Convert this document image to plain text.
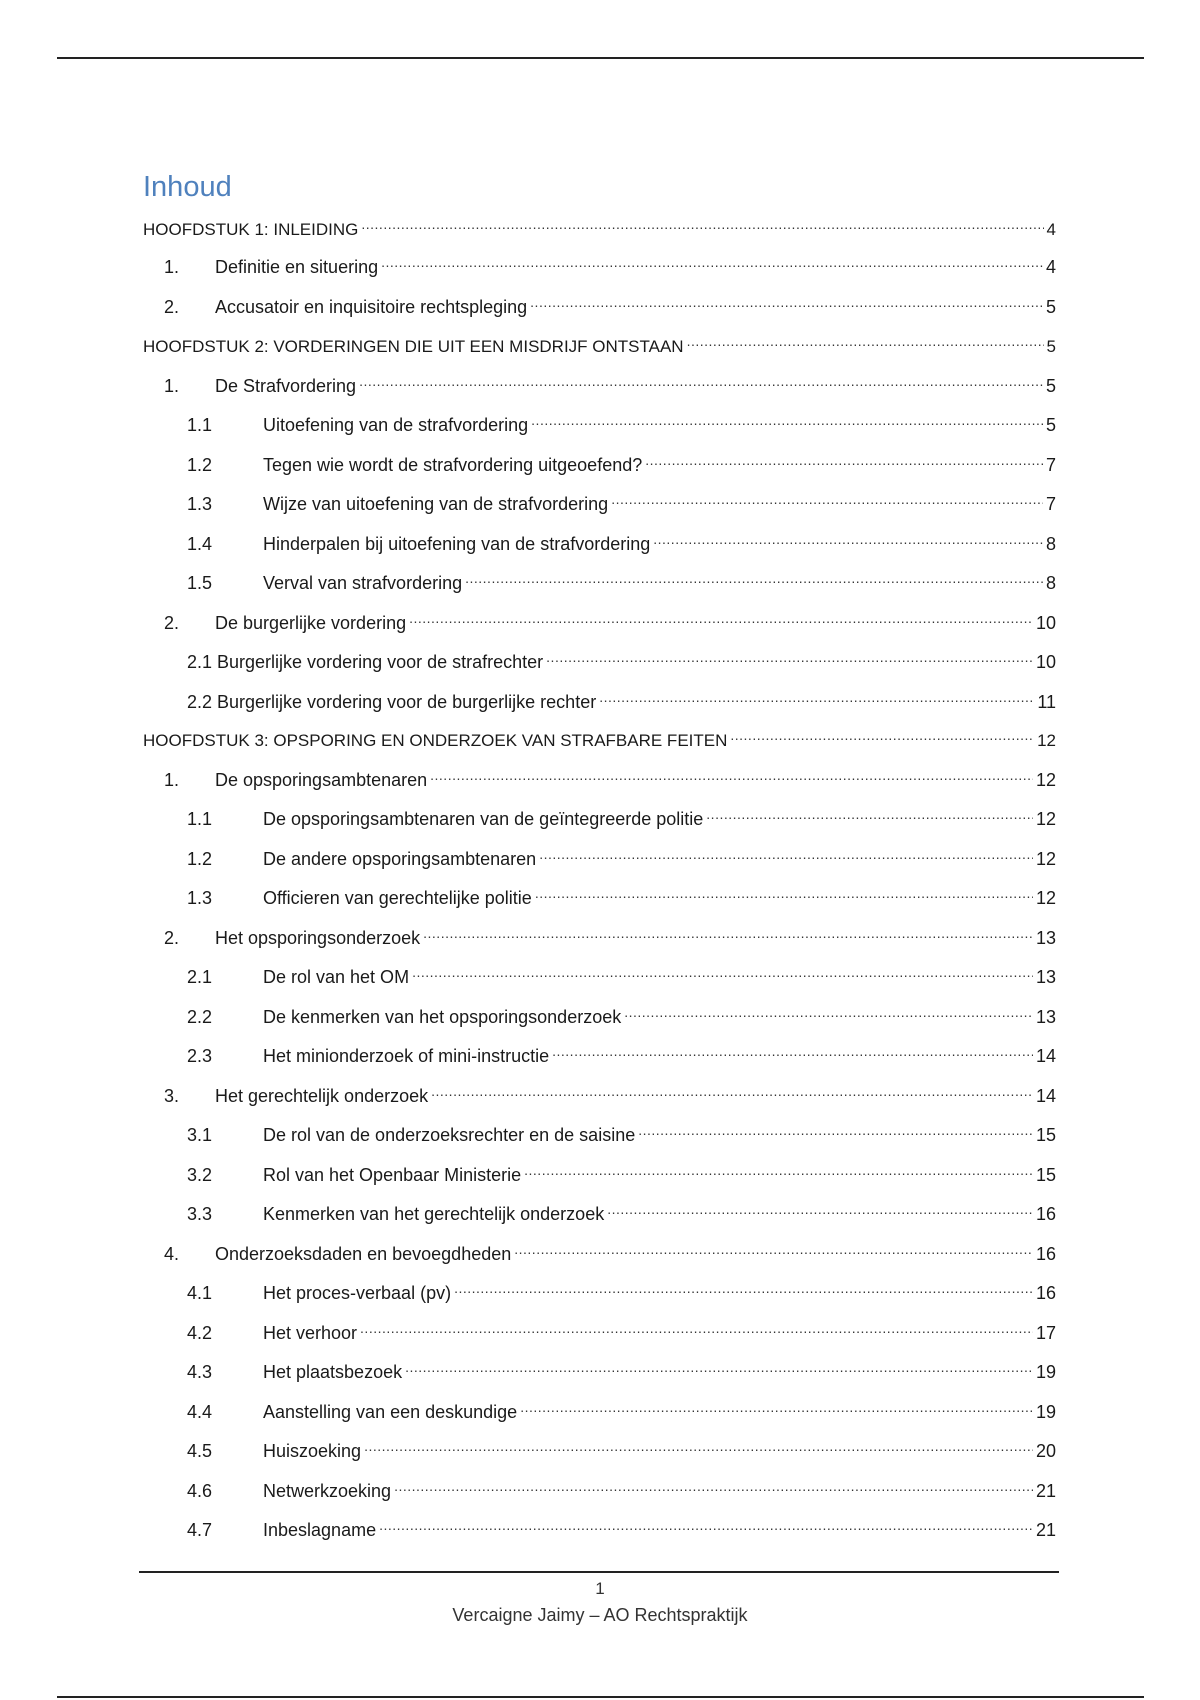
Inhoud
HOOFDSTUK 1: INLEIDING .....	4
1.	Definitie en situering .....	4
2.	Accusatoir en inquisitoire rechtspleging .....	5
HOOFDSTUK 2: VORDERINGEN DIE UIT EEN MISDRIJF ONTSTAAN .....	5
1.	De Strafvordering .....	5
1.1	Uitoefening van de strafvordering .....	5
1.2	Tegen wie wordt de strafvordering uitgeoefend? .....	7
1.3	Wijze van uitoefening van de strafvordering .....	7
1.4	Hinderpalen bij uitoefening van de strafvordering .....	8
1.5	Verval van strafvordering .....	8
2.	De burgerlijke vordering .....	10
2.1 Burgerlijke vordering voor de strafrechter .....	10
2.2 Burgerlijke vordering voor de burgerlijke rechter .....	11
HOOFDSTUK 3: OPSPORING EN ONDERZOEK VAN STRAFBARE FEITEN .....	12
1.	De opsporingsambtenaren .....	12
1.1	De opsporingsambtenaren van de geïntegreerde politie .....	12
1.2	De andere opsporingsambtenaren .....	12
1.3	Officieren van gerechtelijke politie .....	12
2.	Het opsporingsonderzoek .....	13
2.1	De rol van het OM .....	13
2.2	De kenmerken van het opsporingsonderzoek .....	13
2.3	Het minionderzoek of mini-instructie .....	14
3.	Het gerechtelijk onderzoek .....	14
3.1	De rol van de onderzoeksrechter en de saisine .....	15
3.2	Rol van het Openbaar Ministerie .....	15
3.3	Kenmerken van het gerechtelijk onderzoek .....	16
4.	Onderzoeksdaden en bevoegdheden .....	16
4.1	Het proces-verbaal (pv) .....	16
4.2	Het verhoor .....	17
4.3	Het plaatsbezoek .....	19
4.4	Aanstelling van een deskundige .....	19
4.5	Huiszoeking .....	20
4.6	Netwerkzoeking .....	21
4.7	Inbeslagname .....	21
1
Vercaigne Jaimy – AO Rechtspraktijk
